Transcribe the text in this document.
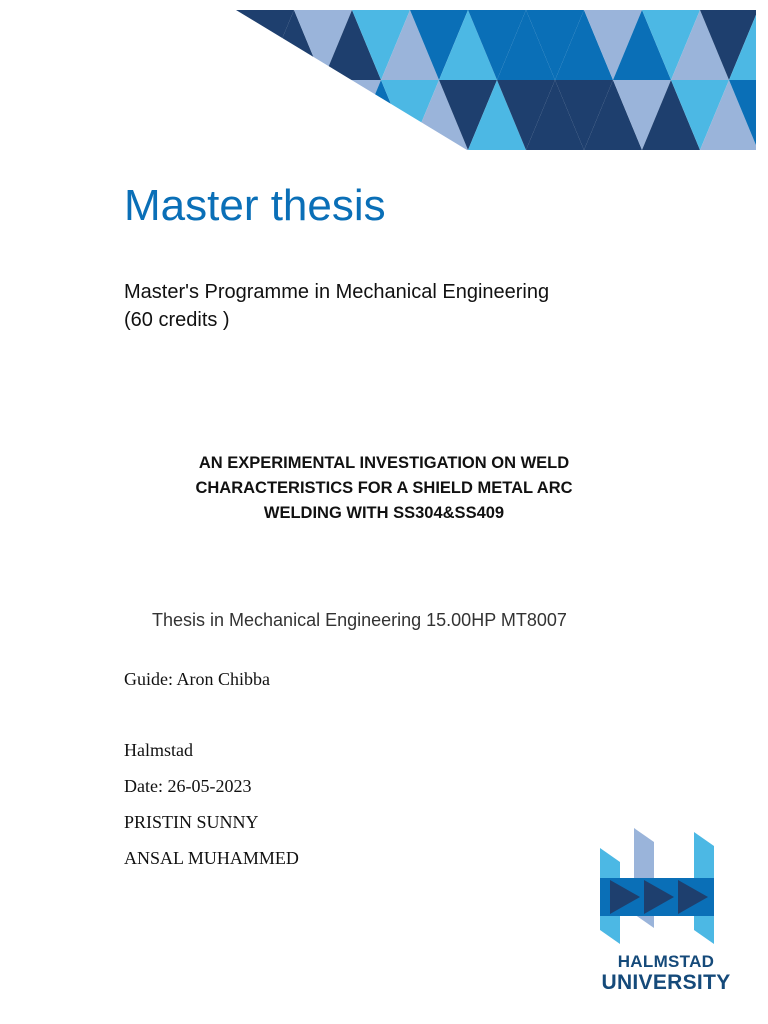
Master thesis

Master's Programme in Mechanical Engineering
(60 credits )

AN EXPERIMENTAL INVESTIGATION ON WELD
CHARACTERISTICS FOR A SHIELD METAL ARC
WELDING WITH SS304&SS409

Thesis in Mechanical Engineering 15.00HP MT8007

Guide: Aron Chibba

Halmstad

Date: 26-05-2023

PRISTIN SUNNY

ANSAL MUHAMMED

HALMSTAD

UNIVERSITY
